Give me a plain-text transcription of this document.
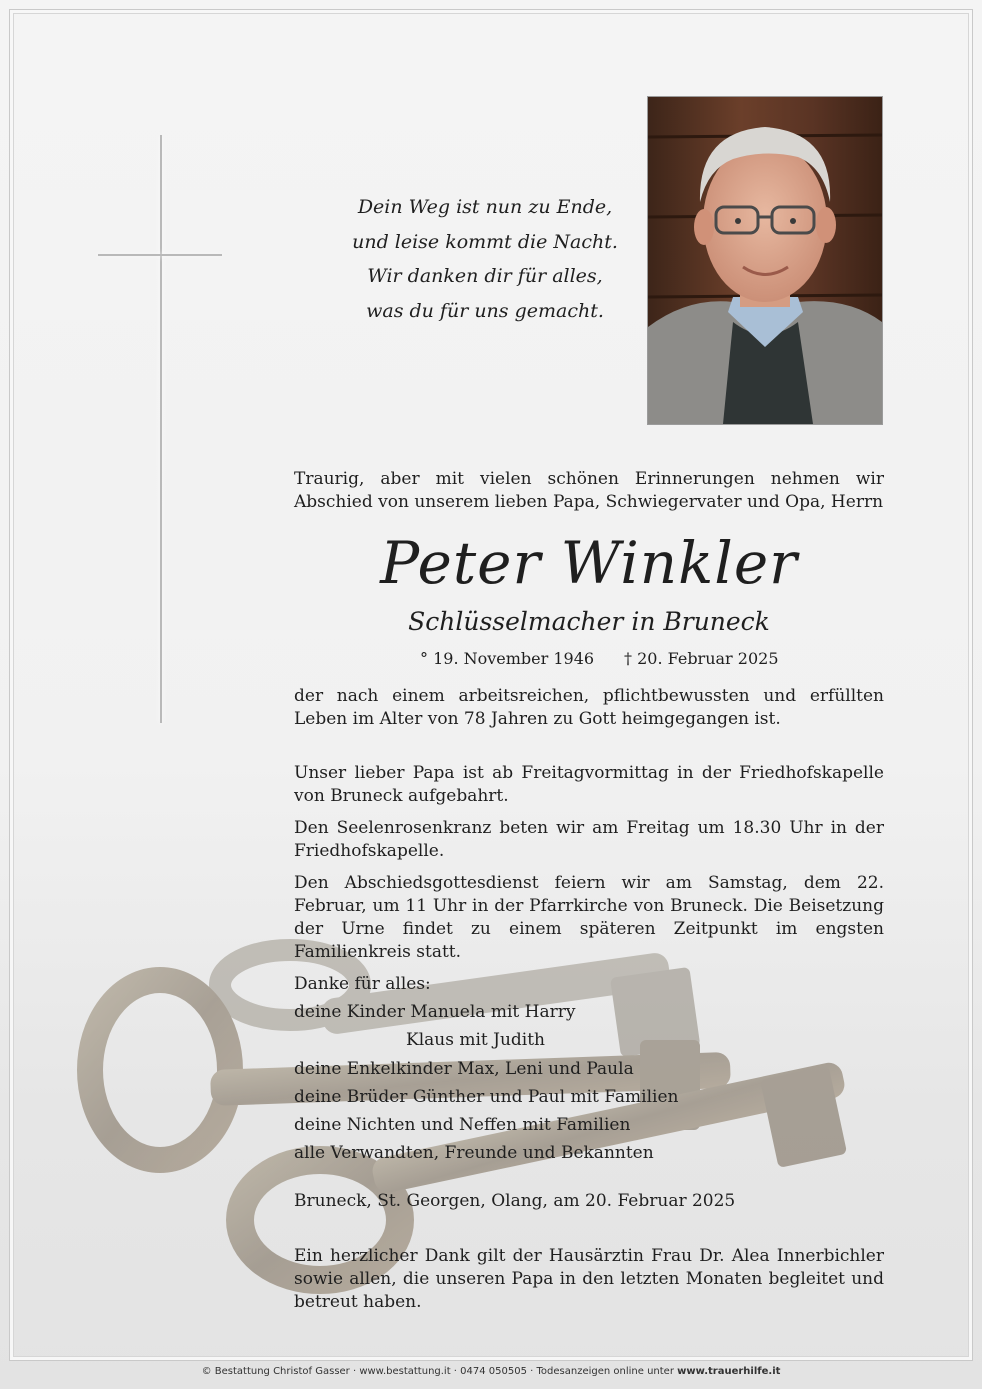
Dein Weg ist nun zu Ende,
und leise kommt die Nacht.
Wir danken dir für alles,
was du für uns gemacht.
Traurig, aber mit vielen schönen Erinnerungen nehmen wir Abschied von unserem lieben Papa, Schwiegervater und Opa, Herrn
Peter Winkler
Schlüsselmacher in Bruneck
° 19. November 1946 † 20. Februar 2025
der nach einem arbeitsreichen, pflichtbewussten und erfüllten Leben im Alter von 78 Jahren zu Gott heimgegangen ist.
Unser lieber Papa ist ab Freitagvormittag in der Friedhofskapelle von Bruneck aufgebahrt.
Den Seelenrosenkranz beten wir am Freitag um 18.30 Uhr in der Friedhofskapelle.
Den Abschiedsgottesdienst feiern wir am Samstag, dem 22. Februar, um 11 Uhr in der Pfarrkirche von Bruneck. Die Beisetzung der Urne findet zu einem späteren Zeitpunkt im engsten Familienkreis statt.
Danke für alles:
deine Kinder Manuela mit Harry
Klaus mit Judith
deine Enkelkinder Max, Leni und Paula
deine Brüder Günther und Paul mit Familien
deine Nichten und Neffen mit Familien
alle Verwandten, Freunde und Bekannten
Bruneck, St. Georgen, Olang, am 20. Februar 2025
Ein herzlicher Dank gilt der Hausärztin Frau Dr. Alea Innerbichler sowie allen, die unseren Papa in den letzten Monaten begleitet und betreut haben.
© Bestattung Christof Gasser · www.bestattung.it · 0474 050505 · Todesanzeigen online unter www.trauerhilfe.it
